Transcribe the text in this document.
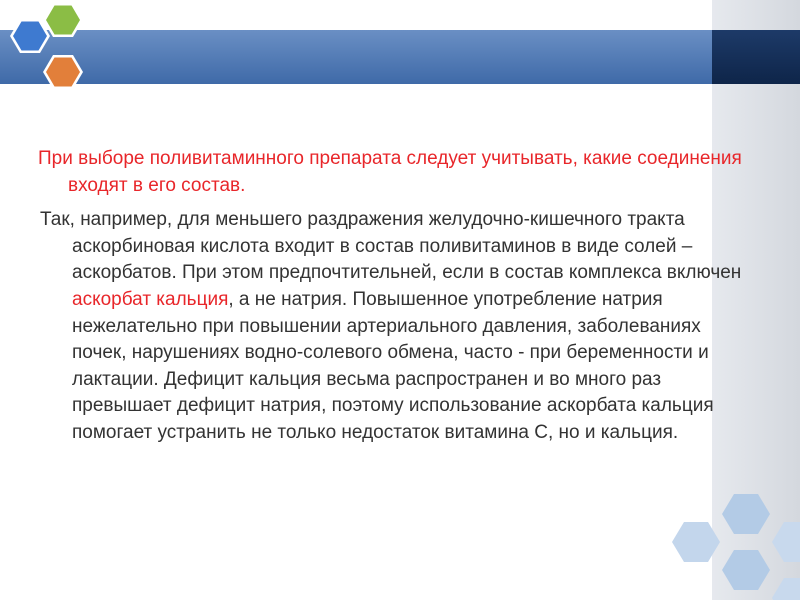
При выборе поливитаминного препарата следует учитывать, какие соединения входят в его состав.

Так, например, для меньшего раздражения желудочно-кишечного тракта аскорбиновая кислота входит в состав поливитаминов в виде солей – аскорбатов. При этом предпочтительней, если в состав комплекса включен аскорбат кальция, а не натрия. Повышенное употребление натрия нежелательно при повышении артериального давления, заболеваниях почек, нарушениях водно-солевого обмена, часто - при беременности и лактации. Дефицит кальция весьма распространен и во много раз превышает дефицит натрия, поэтому использование аскорбата кальция помогает устранить не только недостаток витамина С, но и кальция.
